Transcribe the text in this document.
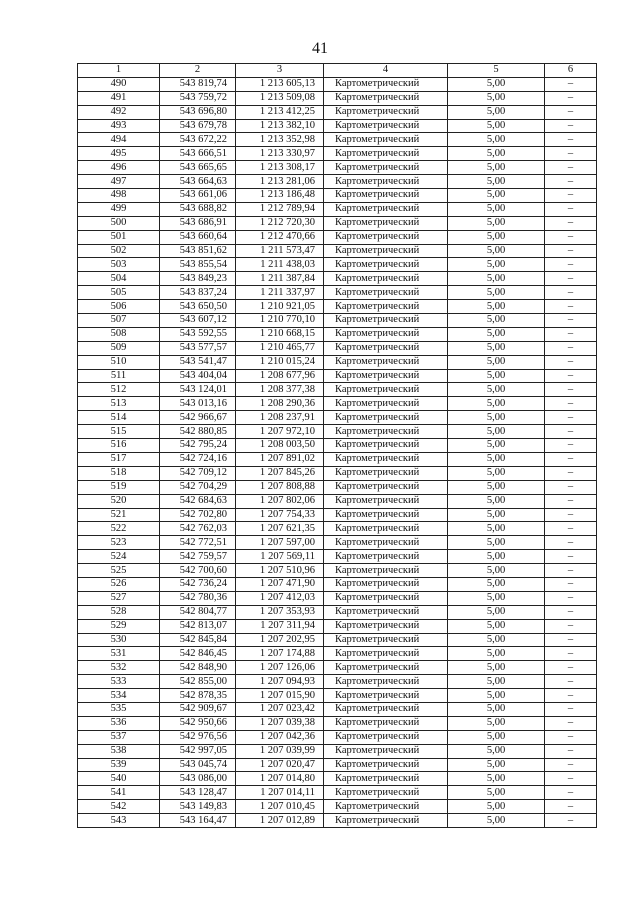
41
1	2	3	4	5	6
490	543 819,74	1 213 605,13	Картометрический	5,00	–
491	543 759,72	1 213 509,08	Картометрический	5,00	–
492	543 696,80	1 213 412,25	Картометрический	5,00	–
493	543 679,78	1 213 382,10	Картометрический	5,00	–
494	543 672,22	1 213 352,98	Картометрический	5,00	–
495	543 666,51	1 213 330,97	Картометрический	5,00	–
496	543 665,65	1 213 308,17	Картометрический	5,00	–
497	543 664,63	1 213 281,06	Картометрический	5,00	–
498	543 661,06	1 213 186,48	Картометрический	5,00	–
499	543 688,82	1 212 789,94	Картометрический	5,00	–
500	543 686,91	1 212 720,30	Картометрический	5,00	–
501	543 660,64	1 212 470,66	Картометрический	5,00	–
502	543 851,62	1 211 573,47	Картометрический	5,00	–
503	543 855,54	1 211 438,03	Картометрический	5,00	–
504	543 849,23	1 211 387,84	Картометрический	5,00	–
505	543 837,24	1 211 337,97	Картометрический	5,00	–
506	543 650,50	1 210 921,05	Картометрический	5,00	–
507	543 607,12	1 210 770,10	Картометрический	5,00	–
508	543 592,55	1 210 668,15	Картометрический	5,00	–
509	543 577,57	1 210 465,77	Картометрический	5,00	–
510	543 541,47	1 210 015,24	Картометрический	5,00	–
511	543 404,04	1 208 677,96	Картометрический	5,00	–
512	543 124,01	1 208 377,38	Картометрический	5,00	–
513	543 013,16	1 208 290,36	Картометрический	5,00	–
514	542 966,67	1 208 237,91	Картометрический	5,00	–
515	542 880,85	1 207 972,10	Картометрический	5,00	–
516	542 795,24	1 208 003,50	Картометрический	5,00	–
517	542 724,16	1 207 891,02	Картометрический	5,00	–
518	542 709,12	1 207 845,26	Картометрический	5,00	–
519	542 704,29	1 207 808,88	Картометрический	5,00	–
520	542 684,63	1 207 802,06	Картометрический	5,00	–
521	542 702,80	1 207 754,33	Картометрический	5,00	–
522	542 762,03	1 207 621,35	Картометрический	5,00	–
523	542 772,51	1 207 597,00	Картометрический	5,00	–
524	542 759,57	1 207 569,11	Картометрический	5,00	–
525	542 700,60	1 207 510,96	Картометрический	5,00	–
526	542 736,24	1 207 471,90	Картометрический	5,00	–
527	542 780,36	1 207 412,03	Картометрический	5,00	–
528	542 804,77	1 207 353,93	Картометрический	5,00	–
529	542 813,07	1 207 311,94	Картометрический	5,00	–
530	542 845,84	1 207 202,95	Картометрический	5,00	–
531	542 846,45	1 207 174,88	Картометрический	5,00	–
532	542 848,90	1 207 126,06	Картометрический	5,00	–
533	542 855,00	1 207 094,93	Картометрический	5,00	–
534	542 878,35	1 207 015,90	Картометрический	5,00	–
535	542 909,67	1 207 023,42	Картометрический	5,00	–
536	542 950,66	1 207 039,38	Картометрический	5,00	–
537	542 976,56	1 207 042,36	Картометрический	5,00	–
538	542 997,05	1 207 039,99	Картометрический	5,00	–
539	543 045,74	1 207 020,47	Картометрический	5,00	–
540	543 086,00	1 207 014,80	Картометрический	5,00	–
541	543 128,47	1 207 014,11	Картометрический	5,00	–
542	543 149,83	1 207 010,45	Картометрический	5,00	–
543	543 164,47	1 207 012,89	Картометрический	5,00	–
